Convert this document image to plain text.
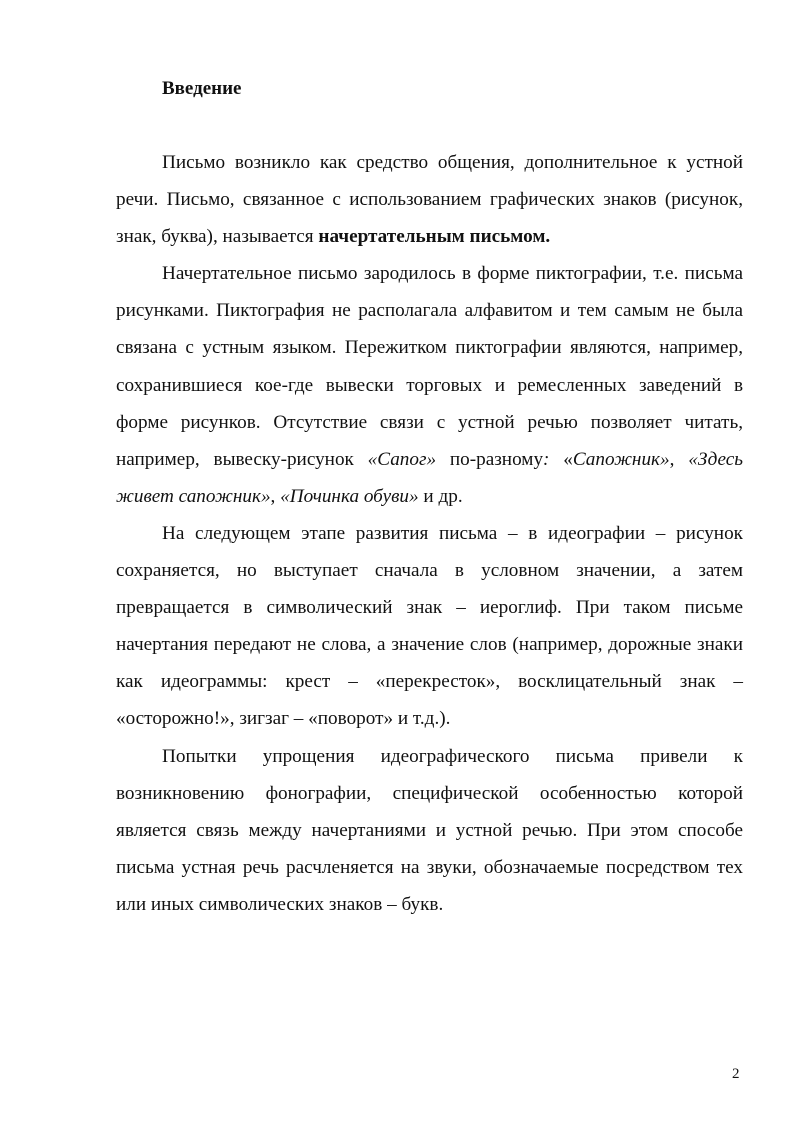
Введение

Письмо возникло как средство общения, дополнительное к устной речи. Письмо, связанное с использованием графических знаков (рисунок, знак, буква), называется начертательным письмом.

Начертательное письмо зародилось в форме пиктографии, т.е. письма рисунками. Пиктография не располагала алфавитом и тем самым не была связана с устным языком. Пережитком пиктографии являются, например, сохранившиеся кое-где вывески торговых и ремесленных заведений в форме рисунков. Отсутствие связи с устной речью позволяет читать, например, вывеску-рисунок «Сапог» по-разному: «Сапожник», «Здесь живет сапожник», «Починка обуви» и др.

На следующем этапе развития письма – в идеографии – рисунок сохраняется, но выступает сначала в условном значении, а затем превращается в символический знак – иероглиф. При таком письме начертания передают не слова, а значение слов (например, дорожные знаки как идеограммы: крест – «перекресток», восклицательный знак – «осторожно!», зигзаг – «поворот» и т.д.).

Попытки упрощения идеографического письма привели к возникновению фонографии, специфической особенностью которой является связь между начертаниями и устной речью. При этом способе письма устная речь расчленяется на звуки, обозначаемые посредством тех или иных символических знаков – букв.

2
